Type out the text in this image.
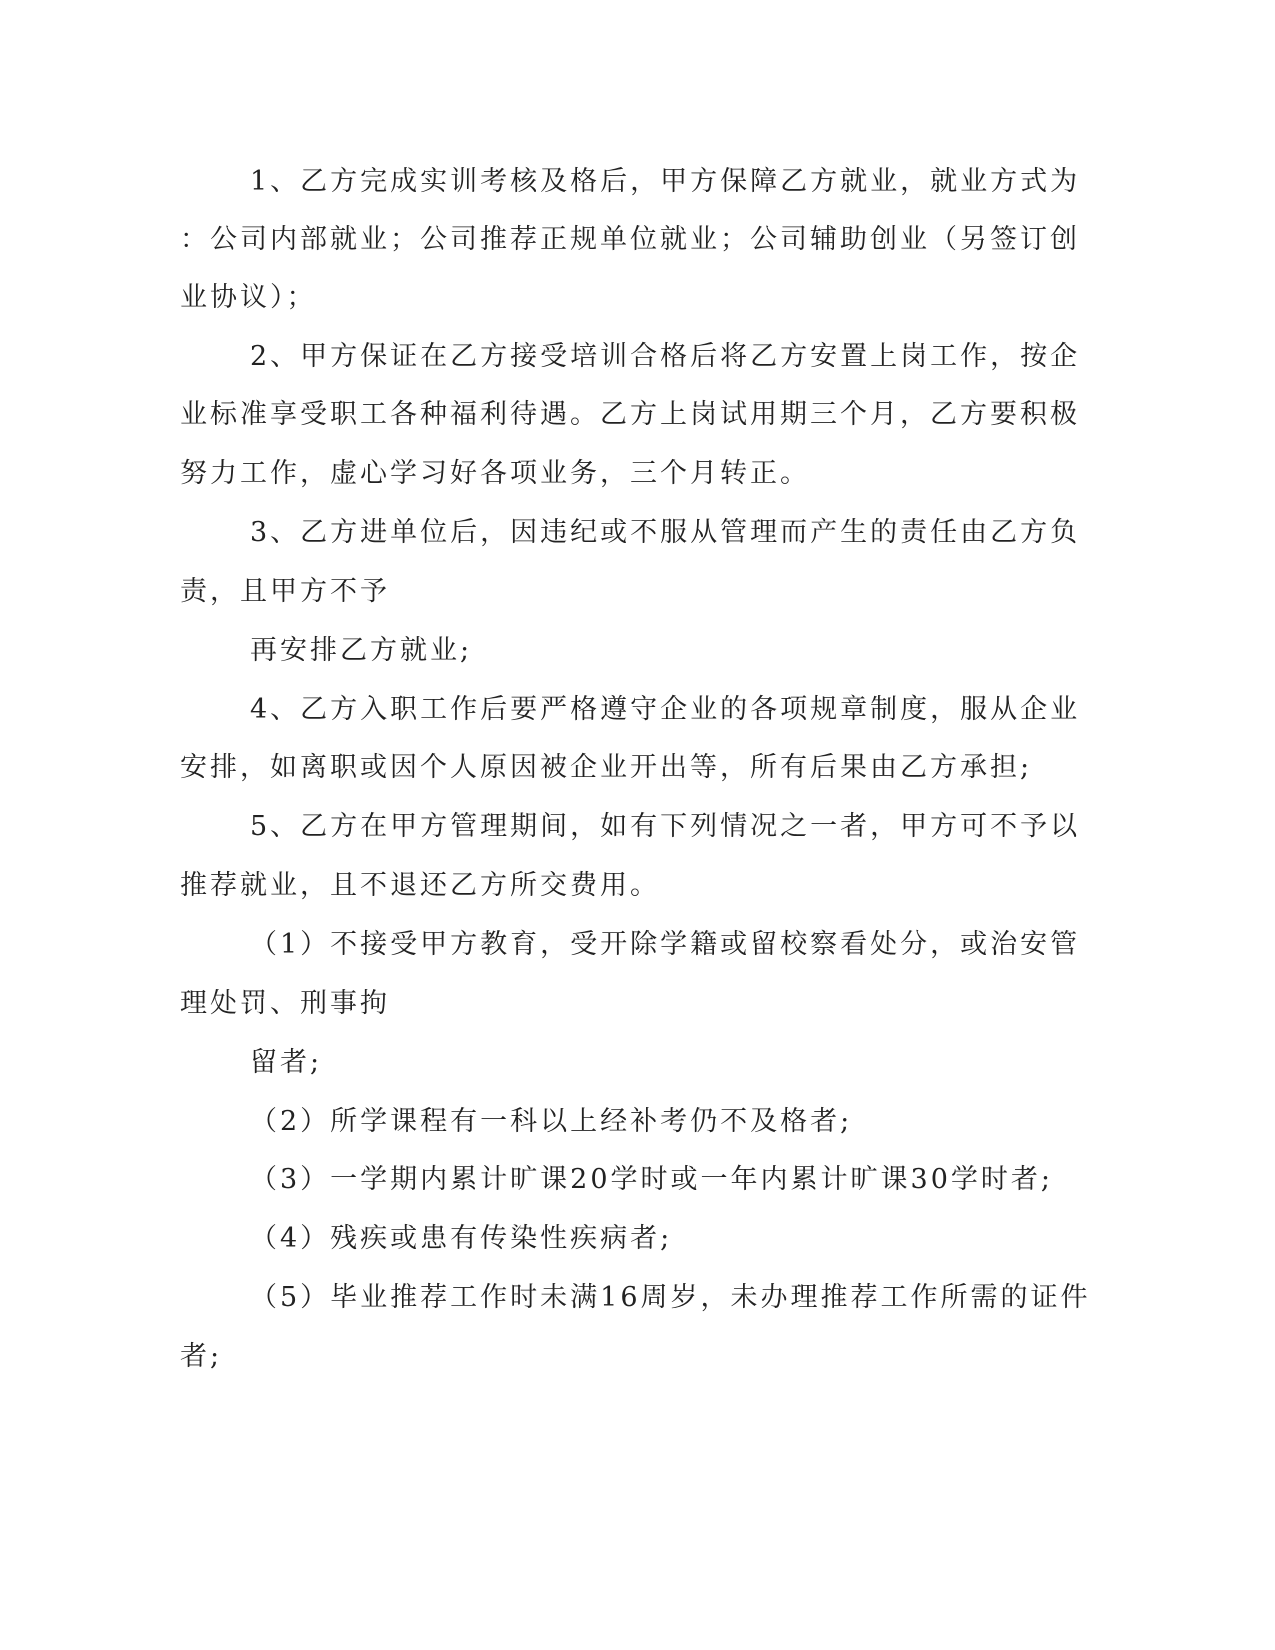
1、乙方完成实训考核及格后，甲方保障乙方就业，就业方式为
：公司内部就业；公司推荐正规单位就业；公司辅助创业（另签订创
业协议）；
2、甲方保证在乙方接受培训合格后将乙方安置上岗工作，按企
业标准享受职工各种福利待遇。乙方上岗试用期三个月，乙方要积极
努力工作，虚心学习好各项业务，三个月转正。
3、乙方进单位后，因违纪或不服从管理而产生的责任由乙方负
责，且甲方不予
再安排乙方就业;
4、乙方入职工作后要严格遵守企业的各项规章制度，服从企业
安排，如离职或因个人原因被企业开出等，所有后果由乙方承担;
5、乙方在甲方管理期间，如有下列情况之一者，甲方可不予以
推荐就业，且不退还乙方所交费用。
（1）不接受甲方教育，受开除学籍或留校察看处分，或治安管
理处罚、刑事拘
留者;
（2）所学课程有一科以上经补考仍不及格者;
（3）一学期内累计旷课20学时或一年内累计旷课30学时者;
（4）残疾或患有传染性疾病者;
（5）毕业推荐工作时未满16周岁，未办理推荐工作所需的证件
者;
